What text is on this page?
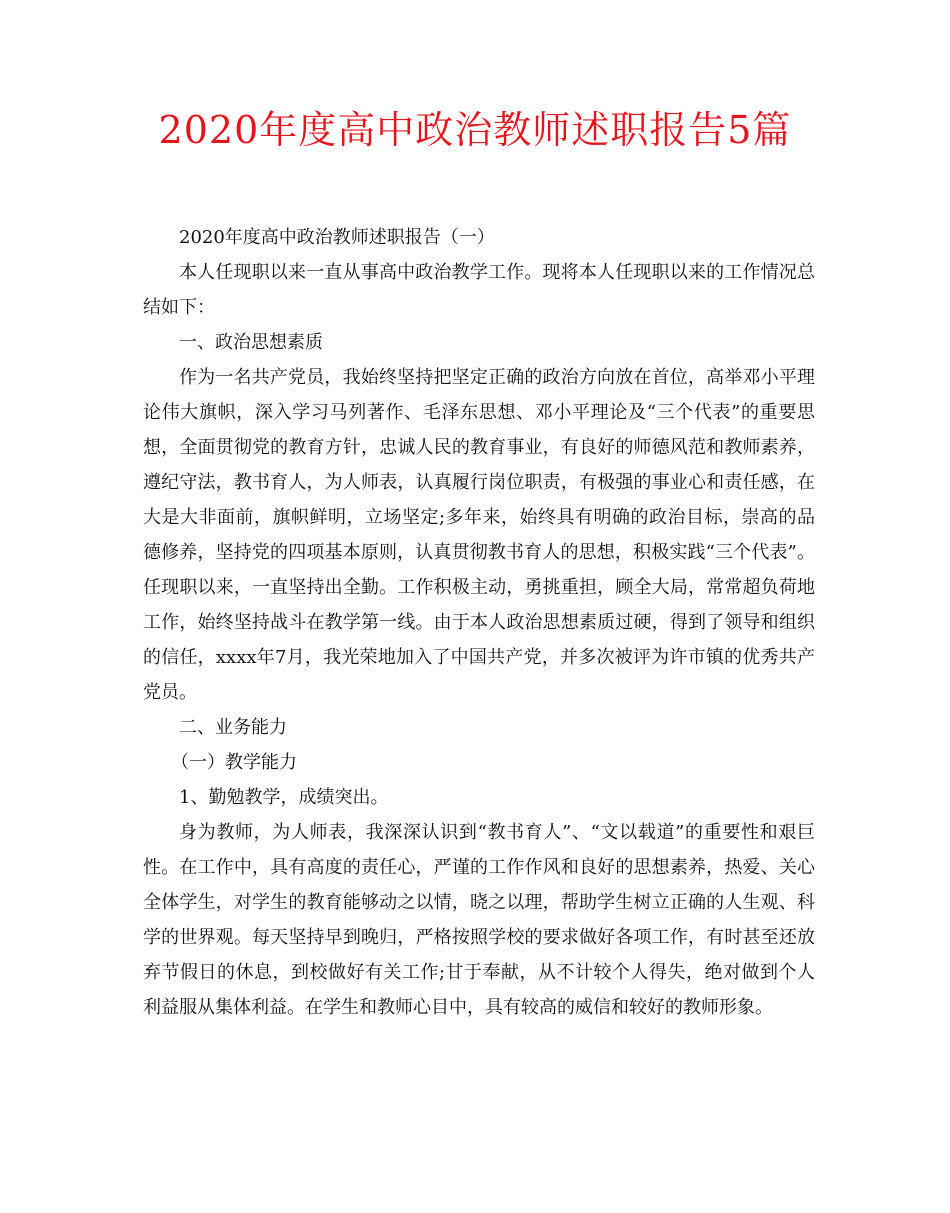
2020年度高中政治教师述职报告5篇

2020年度高中政治教师述职报告（一）

本人任现职以来一直从事高中政治教学工作。现将本人任现职以来的工作情况总结如下：

一、政治思想素质

作为一名共产党员，我始终坚持把坚定正确的政治方向放在首位，高举邓小平理论伟大旗帜，深入学习马列著作、毛泽东思想、邓小平理论及“三个代表”的重要思想，全面贯彻党的教育方针，忠诚人民的教育事业，有良好的师德风范和教师素养，遵纪守法，教书育人，为人师表，认真履行岗位职责，有极强的事业心和责任感，在大是大非面前，旗帜鲜明，立场坚定;多年来，始终具有明确的政治目标，崇高的品德修养，坚持党的四项基本原则，认真贯彻教书育人的思想，积极实践“三个代表”。任现职以来，一直坚持出全勤。工作积极主动，勇挑重担，顾全大局，常常超负荷地工作，始终坚持战斗在教学第一线。由于本人政治思想素质过硬，得到了领导和组织的信任，xxxx年7月，我光荣地加入了中国共产党，并多次被评为许市镇的优秀共产党员。

二、业务能力

（一）教学能力

1、勤勉教学，成绩突出。

身为教师，为人师表，我深深认识到“教书育人”、“文以载道”的重要性和艰巨性。在工作中，具有高度的责任心，严谨的工作作风和良好的思想素养，热爱、关心全体学生，对学生的教育能够动之以情，晓之以理，帮助学生树立正确的人生观、科学的世界观。每天坚持早到晚归，严格按照学校的要求做好各项工作，有时甚至还放弃节假日的休息，到校做好有关工作;甘于奉献，从不计较个人得失，绝对做到个人利益服从集体利益。在学生和教师心目中，具有较高的威信和较好的教师形象。
